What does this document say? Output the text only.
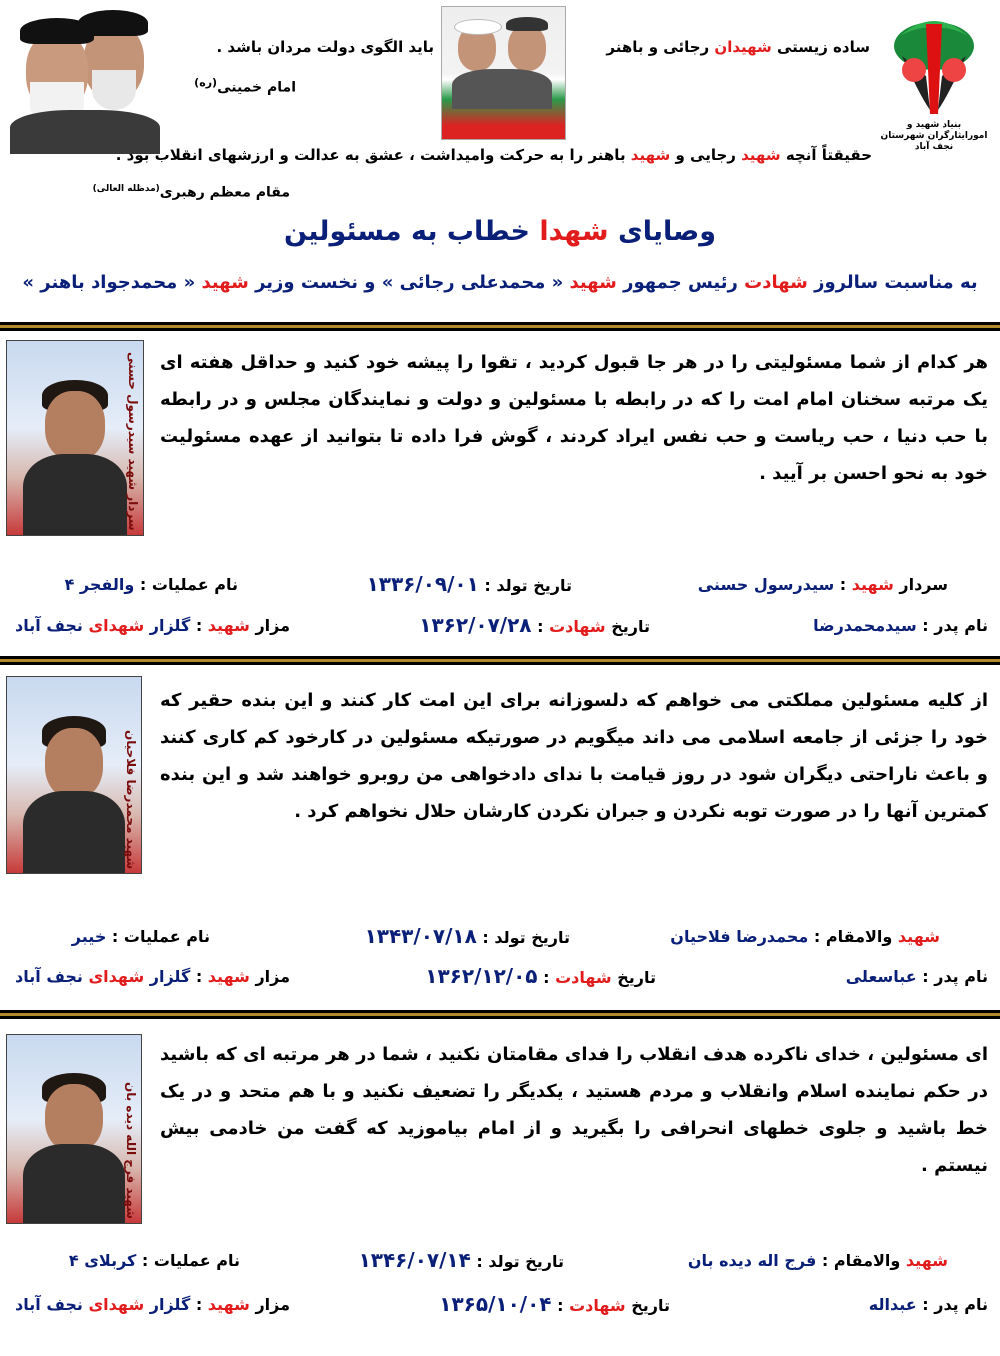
بنیاد شهید و امورایثارگران شهرستان نجف آباد
ساده زیستی شهیدان رجائی و باهنر
باید الگوی دولت مردان باشد .
امام خمینی$^{(ره)}$
حقیقتاً آنچه شهید رجایی و شهید باهنر را به حرکت وامیداشت ، عشق به عدالت و ارزشهای انقلاب بود .
مقام معظم رهبری$^{(مدظله العالی)}$
وصایای شهدا خطاب به مسئولین
به مناسبت سالروز شهادت رئیس جمهور شهید « محمدعلی رجائی » و نخست وزیر شهید « محمدجواد باهنر »
سردار شهید سیدرسول حسنی هر کدام از شما مسئولیتی را در هر جا قبول کردید ، تقوا را پیشه خود کنید و حداقل هفته ای یک مرتبه سخنان امام امت را که در رابطه با مسئولین و دولت و نمایندگان مجلس و در رابطه با حب دنیا ، حب ریاست و حب نفس ایراد کردند ، گوش فرا داده تا بتوانید از عهده مسئولیت خود به نحو احسن بر آیید .
سردار شهید : سیدرسول حسنی
تاریخ تولد : ۱۳۳۶/۰۹/۰۱
نام عملیات : والفجر ۴
نام پدر : سیدمحمدرضا
تاریخ شهادت : ۱۳۶۲/۰۷/۲۸
مزار شهید : گلزار شهدای نجف آباد
شهید محمدرضا فلاحیان
از کلیه مسئولین مملکتی می خواهم که دلسوزانه برای این امت کار کنند و این بنده حقیر که خود را جزئی از جامعه اسلامی می داند میگویم در صورتیکه مسئولین در کارخود کم کاری کنند و باعث ناراحتی دیگران شود در روز قیامت با ندای دادخواهی من روبرو خواهند شد و این بنده کمترین آنها را در صورت توبه نکردن و جبران نکردن کارشان حلال نخواهم کرد .
شهید والامقام : محمدرضا فلاحیان
تاریخ تولد : ۱۳۴۳/۰۷/۱۸
نام عملیات : خیبر
نام پدر : عباسعلی
تاریخ شهادت : ۱۳۶۲/۱۲/۰۵
مزار شهید : گلزار شهدای نجف آباد
شهید فرج الله دیده بان
ای مسئولین ، خدای ناکرده هدف انقلاب را فدای مقامتان نکنید ، شما در هر مرتبه ای که باشید در حکم نماینده اسلام وانقلاب و مردم هستید ، یکدیگر را تضعیف نکنید و با هم متحد و در یک خط باشید و جلوی خطهای انحرافی را بگیرید و از امام بیاموزید که گفت من خادمی بیش نیستم .
شهید والامقام : فرج اله دیده بان
تاریخ تولد : ۱۳۴۶/۰۷/۱۴
نام عملیات : کربلای ۴
نام پدر : عبداله
تاریخ شهادت : ۱۳۶۵/۱۰/۰۴
مزار شهید : گلزار شهدای نجف آباد
